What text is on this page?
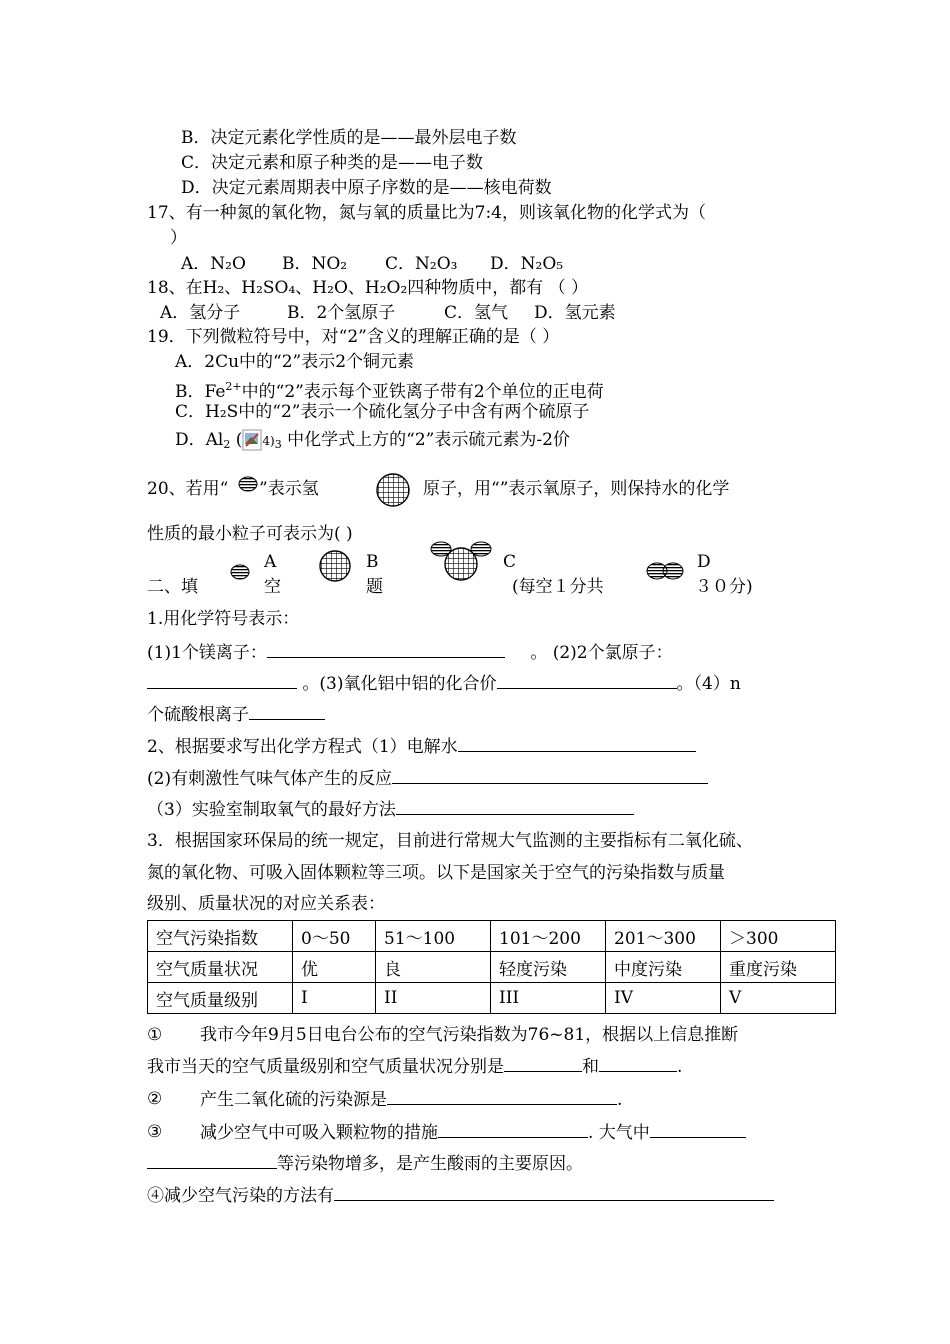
B．决定元素化学性质的是——最外层电子数
C．决定元素和原子种类的是——电子数
D．决定元素周期表中原子序数的是——核电荷数
17、有一种氮的氧化物，氮与氧的质量比为7:4，则该氧化物的化学式为（
）
A．N₂O B．NO₂ C．N₂O₃ D．N₂O₅
18、在H₂、H₂SO₄、H₂O、H₂O₂四种物质中，都有 （ ）
A．氢分子	B．2个氢原子	C．氢气 D．氢元素
19．下列微粒符号中，对“2”含义的理解正确的是（ ）
A．2Cu中的“2”表示2个铜元素
B．$Fe^{2+}$中的“2”表示每个亚铁离子带有2个单位的正电荷
C．H₂S中的“2”表示一个硫化氢分子中含有两个硫原子
D．$Al_2$ ( $4)_3$ 中化学式上方的“2”表示硫元素为-2价
20、若用“ ”表示氢	原子，用“”表示氧原子，则保持水的化学
性质的最小粒子可表示为( )
A	B	C	D
二、填	空	题	(每空１分共	３０分)
1.用化学符号表示：
(1)1个镁离子：	。 (2)2个氯原子：
。(3)氧化铝中铝的化合价	。（4）n
个硫酸根离子
2、根据要求写出化学方程式（1）电解水
(2)有刺激性气味气体产生的反应
（3）实验室制取氧气的最好方法
3．根据国家环保局的统一规定，目前进行常规大气监测的主要指标有二氧化硫、
氮的氧化物、可吸入固体颗粒等三项。以下是国家关于空气的污染指数与质量
级别、质量状况的对应关系表：
空气污染指数	0～50	51～100	101～200	201～300	＞300
空气质量状况	优	良	轻度污染	中度污染	重度污染
空气质量级别	I	II	III	IV	V
① 我市今年9月5日电台公布的空气污染指数为76~81，根据以上信息推断
我市当天的空气质量级别和空气质量状况分别是	和	.
② 产生二氧化硫的污染源是	.
③ 减少空气中可吸入颗粒物的措施	. 大气中
等污染物增多，是产生酸雨的主要原因。
④减少空气污染的方法有
